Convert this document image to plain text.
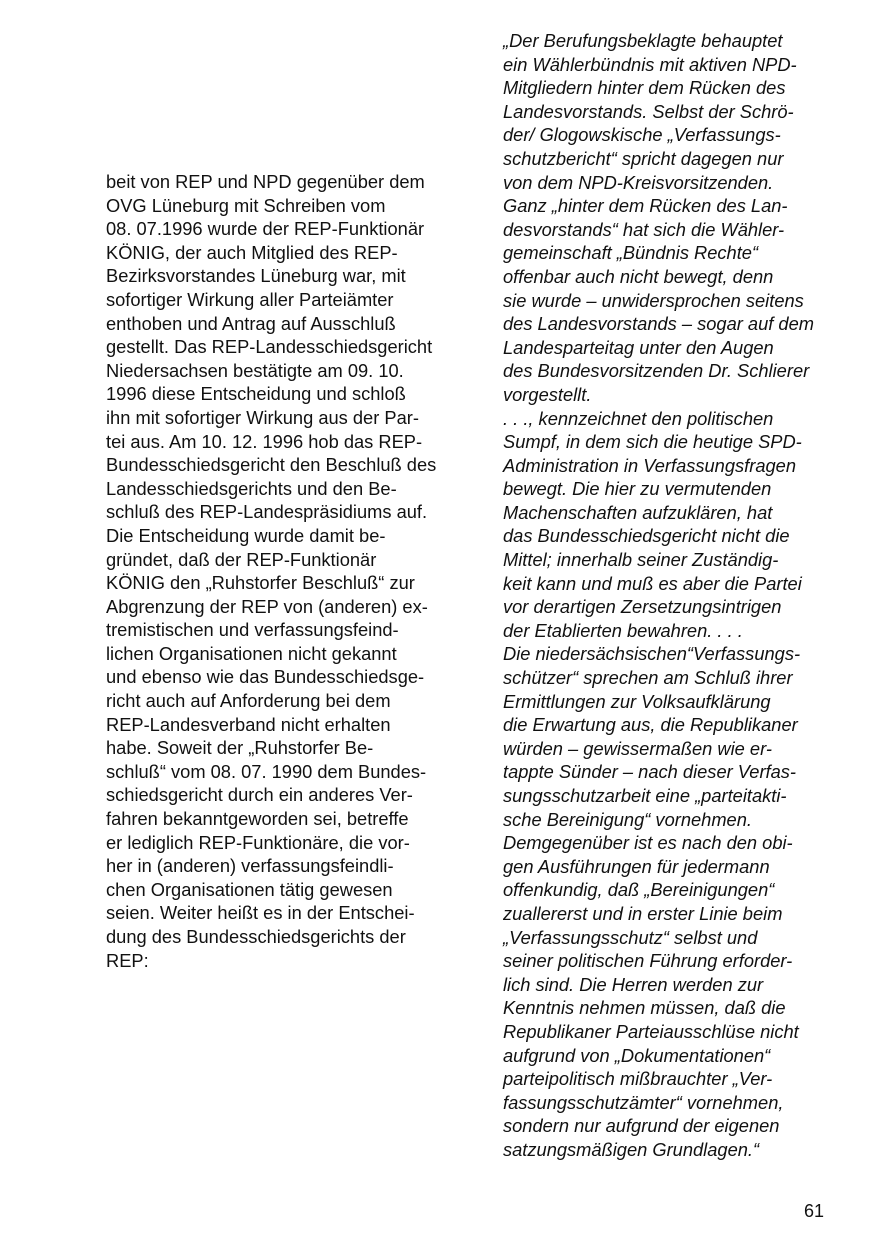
beit von REP und NPD gegenüber dem
OVG Lüneburg mit Schreiben vom
08. 07.1996 wurde der REP-Funktionär
KÖNIG, der auch Mitglied des REP-
Bezirksvorstandes Lüneburg war, mit
sofortiger Wirkung aller Parteiämter
enthoben und Antrag auf Ausschluß
gestellt. Das REP-Landesschiedsgericht
Niedersachsen bestätigte am 09. 10.
1996 diese Entscheidung und schloß
ihn mit sofortiger Wirkung aus der Par-
tei aus. Am 10. 12. 1996 hob das REP-
Bundesschiedsgericht den Beschluß des
Landesschiedsgerichts und den Be-
schluß des REP-Landespräsidiums auf.
Die Entscheidung wurde damit be-
gründet, daß der REP-Funktionär
KÖNIG den „Ruhstorfer Beschluß“ zur
Abgrenzung der REP von (anderen) ex-
tremistischen und verfassungsfeind-
lichen Organisationen nicht gekannt
und ebenso wie das Bundesschiedsge-
richt auch auf Anforderung bei dem
REP-Landesverband nicht erhalten
habe. Soweit der „Ruhstorfer Be-
schluß“ vom 08. 07. 1990 dem Bundes-
schiedsgericht durch ein anderes Ver-
fahren bekanntgeworden sei, betreffe
er lediglich REP-Funktionäre, die vor-
her in (anderen) verfassungsfeindli-
chen Organisationen tätig gewesen
seien. Weiter heißt es in der Entschei-
dung des Bundesschiedsgerichts der
REP:
„Der Berufungsbeklagte behauptet
ein Wählerbündnis mit aktiven NPD-
Mitgliedern hinter dem Rücken des
Landesvorstands. Selbst der Schrö-
der/ Glogowskische „Verfassungs-
schutzbericht“ spricht dagegen nur
von dem NPD-Kreisvorsitzenden.
Ganz „hinter dem Rücken des Lan-
desvorstands“ hat sich die Wähler-
gemeinschaft „Bündnis Rechte“
offenbar auch nicht bewegt, denn
sie wurde – unwidersprochen seitens
des Landesvorstands – sogar auf dem
Landesparteitag unter den Augen
des Bundesvorsitzenden Dr. Schlierer
vorgestellt.
. . ., kennzeichnet den politischen
Sumpf, in dem sich die heutige SPD-
Administration in Verfassungsfragen
bewegt. Die hier zu vermutenden
Machenschaften aufzuklären, hat
das Bundesschiedsgericht nicht die
Mittel; innerhalb seiner Zuständig-
keit kann und muß es aber die Partei
vor derartigen Zersetzungsintrigen
der Etablierten bewahren. . . .
Die niedersächsischen“Verfassungs-
schützer“ sprechen am Schluß ihrer
Ermittlungen zur Volksaufklärung
die Erwartung aus, die Republikaner
würden – gewissermaßen wie er-
tappte Sünder – nach dieser Verfas-
sungsschutzarbeit eine „parteitakti-
sche Bereinigung“ vornehmen.
Demgegenüber ist es nach den obi-
gen Ausführungen für jedermann
offenkundig, daß „Bereinigungen“
zuallererst und in erster Linie beim
„Verfassungsschutz“ selbst und
seiner politischen Führung erforder-
lich sind. Die Herren werden zur
Kenntnis nehmen müssen, daß die
Republikaner Parteiausschlüse nicht
aufgrund von „Dokumentationen“
parteipolitisch mißbrauchter „Ver-
fassungsschutzämter“ vornehmen,
sondern nur aufgrund der eigenen
satzungsmäßigen Grundlagen.“
61
